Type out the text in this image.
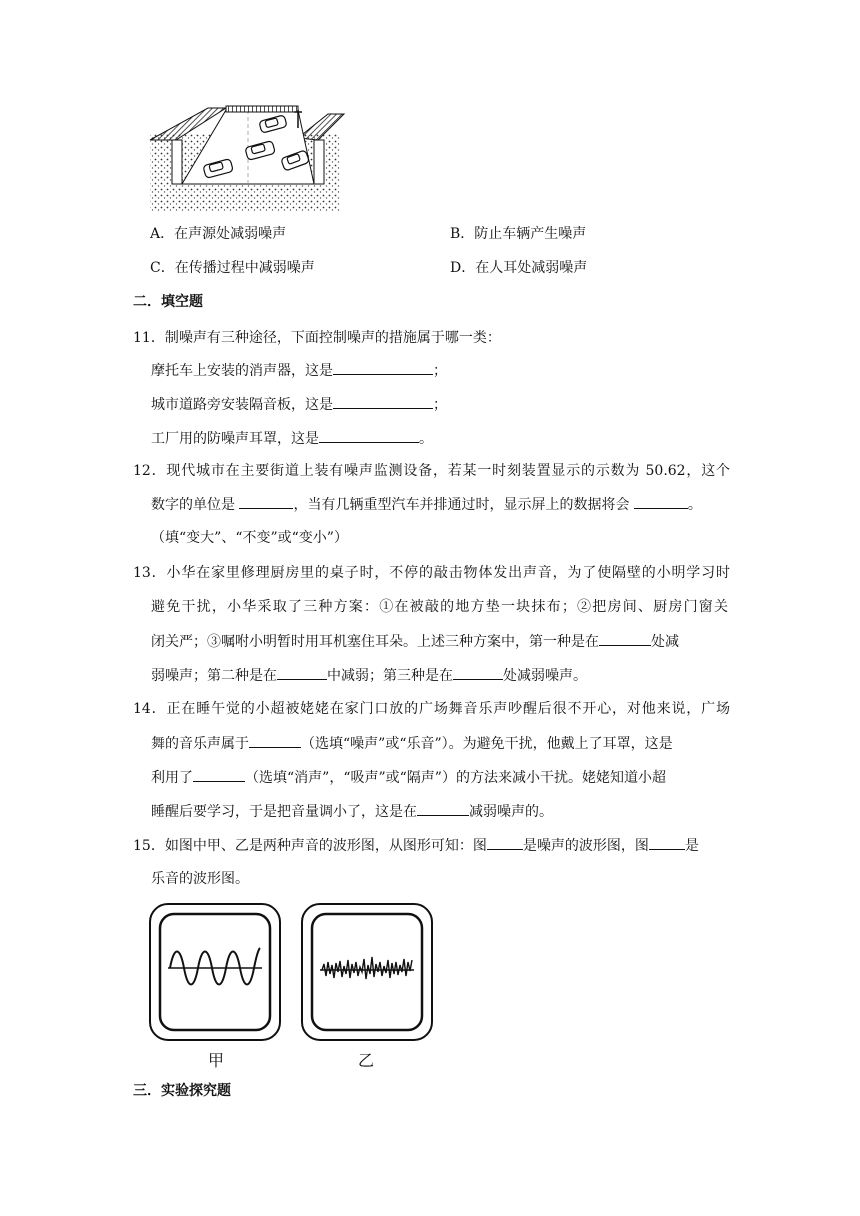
A．在声源处减弱噪声	B．防止车辆产生噪声
C．在传播过程中减弱噪声	D．在人耳处减弱噪声
二．填空题
11．制噪声有三种途径，下面控制噪声的措施属于哪一类：
摩托车上安装的消声器，这是	；
城市道路旁安装隔音板，这是	；
工厂用的防噪声耳罩，这是	。
12．现代城市在主要街道上装有噪声监测设备，若某一时刻装置显示的示数为 50.62，这个
数字的单位是	，当有几辆重型汽车并排通过时，显示屏上的数据将会	。
（填“变大”、“不变”或“变小”）
13．小华在家里修理厨房里的桌子时，不停的敲击物体发出声音，为了使隔壁的小明学习时
避免干扰，小华采取了三种方案：①在被敲的地方垫一块抹布；②把房间、厨房门窗关
闭关严；③嘱咐小明暂时用耳机塞住耳朵。上述三种方案中，第一种是在	处减
弱噪声；第二种是在	中减弱；第三种是在	处减弱噪声。
14．正在睡午觉的小超被姥姥在家门口放的广场舞音乐声吵醒后很不开心，对他来说，广场
舞的音乐声属于	（选填“噪声”或“乐音”）。为避免干扰，他戴上了耳罩，这是
利用了	（选填“消声”，“吸声”或“隔声”）的方法来减小干扰。姥姥知道小超
睡醒后要学习，于是把音量调小了，这是在	减弱噪声的。
15．如图中甲、乙是两种声音的波形图，从图形可知：图	是噪声的波形图，图	是
乐音的波形图。
甲	乙
三．实验探究题
